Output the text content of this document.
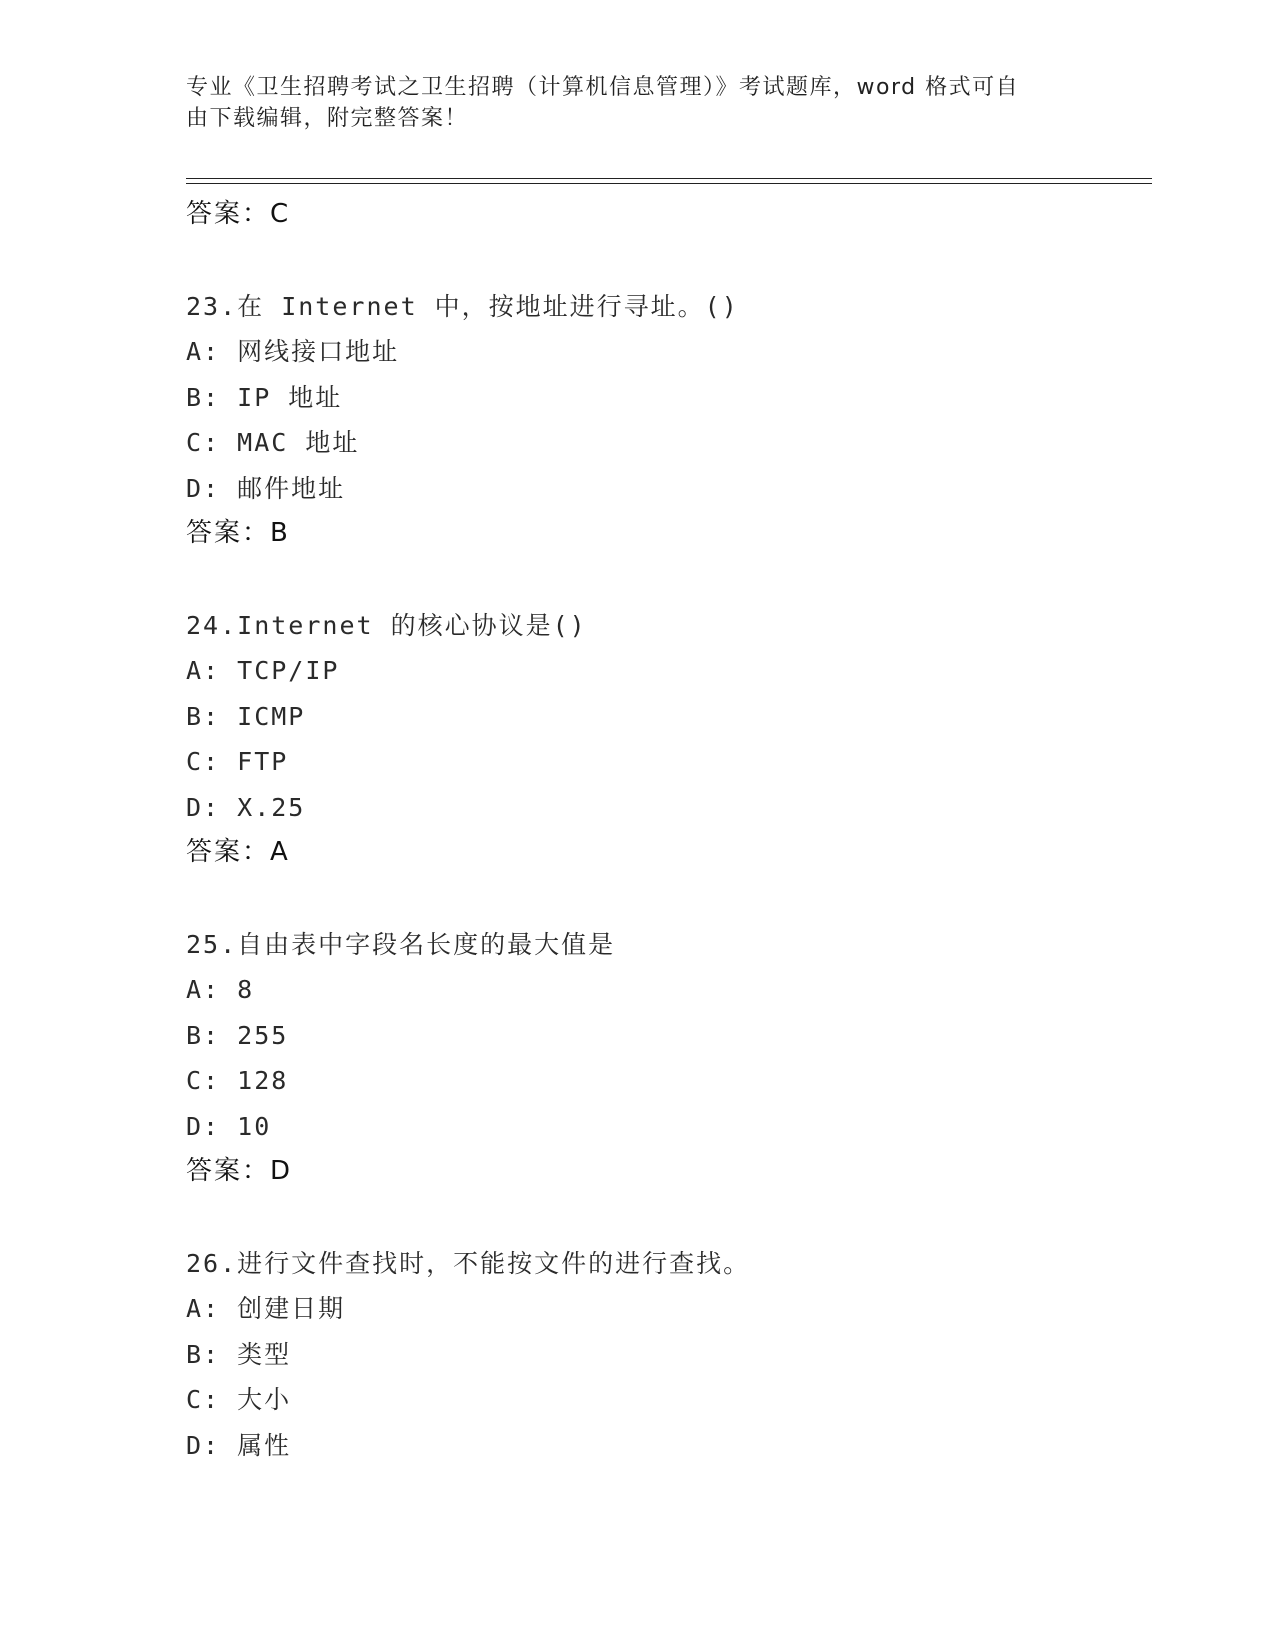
专业《卫生招聘考试之卫生招聘（计算机信息管理）》考试题库，word 格式可自
由下载编辑，附完整答案！
答案：C
23.在 Internet 中，按地址进行寻址。()
A: 网线接口地址
B: IP 地址
C: MAC 地址
D: 邮件地址
答案：B
24.Internet 的核心协议是()
A: TCP/IP
B: ICMP
C: FTP
D: X.25
答案：A
25.自由表中字段名长度的最大值是
A: 8
B: 255
C: 128
D: 10
答案：D
26.进行文件查找时，不能按文件的进行查找。
A: 创建日期
B: 类型
C: 大小
D: 属性
